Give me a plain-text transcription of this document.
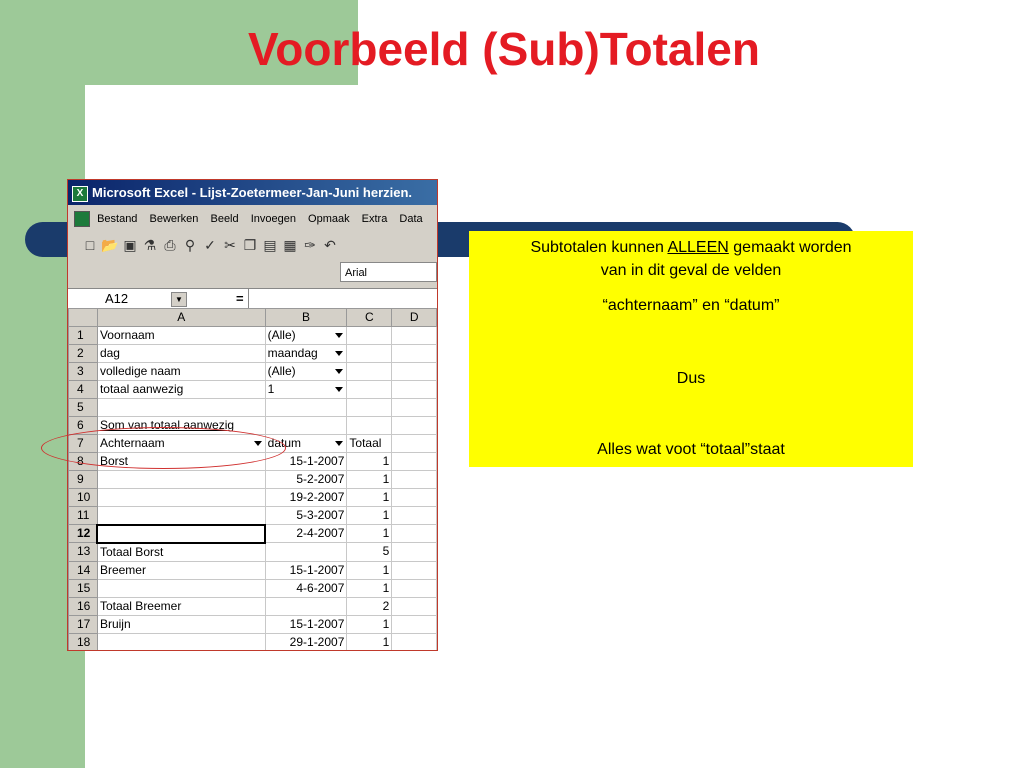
Voorbeeld (Sub)Totalen
X Microsoft Excel - Lijst-Zoetermeer-Jan-Juni herzien.
Bestand Bewerken Beeld Invoegen Opmaak Extra Data
□ 📂 ▣ ⚗ ⎙ ⚲ ✓ ✂ ❐ ▤ ▦ ✑ ↶
Arial
A12	▼	=
	A	B	C	D
1	Voornaam	(Alle)

2	dag	maandag

3	volledige naam	(Alle)

4	totaal aanwezig	1

5				
6	Som van totaal aanwezig			
7	Achternaam	datum	Totaal	
8	Borst	15-1-2007	1	
9		5-2-2007	1	
10		19-2-2007	1	
11		5-3-2007	1	
12		2-4-2007	1	
13	Totaal Borst		5	
14	Breemer	15-1-2007	1	
15		4-6-2007	1	
16	Totaal Breemer		2	
17	Bruijn	15-1-2007	1	
18		29-1-2007	1	

Subtotalen kunnen ALLEEN gemaakt worden

van in dit geval de velden

“achternaam” en “datum”

Dus

Alles wat voot “totaal”staat
